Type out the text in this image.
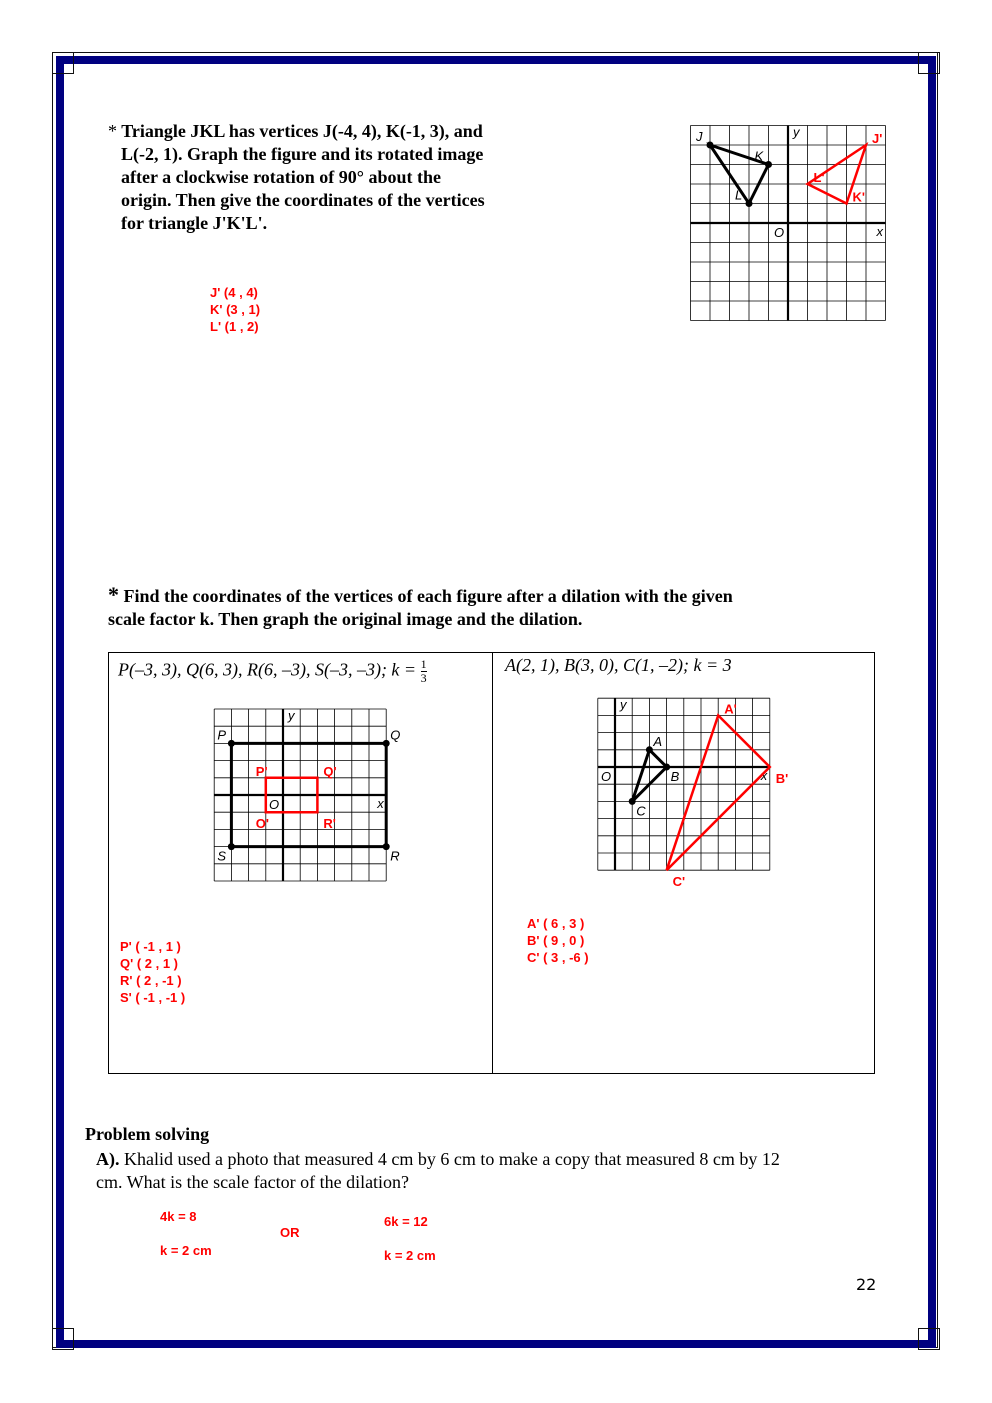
* Triangle JKL has vertices J(-4, 4), K(-1, 3), and
L(-2, 1). Graph the figure and its rotated image
after a clockwise rotation of 90° about the
origin. Then give the coordinates of the vertices
for triangle J'K'L'.
J' (4 , 4)
K' (3 , 1)
L' (1 , 2)
x
y
O
J
K
L
J'
K'
L'
x
y
O
P	Q
R
S
P'	Q'
R'
O'
x
y
O
A
B
C
A'
B'
C'
* Find the coordinates of the vertices of each figure after a dilation with the given
scale factor k. Then graph the original image and the dilation.
P(–3, 3), Q(6, 3), R(6, –3), S(–3, –3); $k = \frac{1}{3}$	A(2, 1), B(3, 0), C(1, –2); k = 3
P' ( -1 , 1 )
Q' ( 2 , 1 )
R' ( 2 , -1 )
S' ( -1 , -1 )
A' ( 6 , 3 )
B' ( 9 , 0 )
C' ( 3 , -6 )
Problem solving
A). Khalid used a photo that measured 4 cm by 6 cm to make a copy that measured 8 cm by 12
cm. What is the scale factor of the dilation?
4k = 8
k = 2 cm
OR
6k = 12
k = 2 cm
22
